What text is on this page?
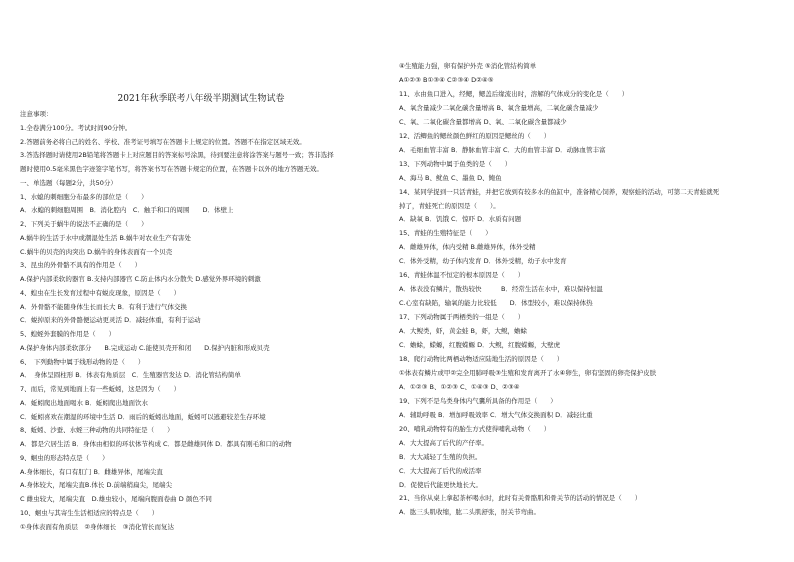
2021年秋季联考八年级半期测试生物试卷
注意事项：
1.全卷满分100分。考试时间90分钟。
2.答题前务必将自己的姓名、学校、准考证号填写在答题卡上规定的位置。答题不在指定区域无效。
3.答选择题时请使用2B铅笔将答题卡上对应题目的答案标号涂黑，待到要注意将涂答案与题号一致；答非选择
题时使用0.5毫米黑色字迹签字笔书写，将答案书写在答题卡规定的位置，在答题卡以外的地方答题无效。
一、单选题（每题2分，共50分）
1、水螅的刺细胞分布最多的部位是（　　）
A．水螅的刺细胞周围　B．消化腔内　C．触手和口的周围　　D．体壁上
2、下列关于蜗牛的说法不正确的是（　　）
A.蜗牛的生活于水中或潮湿处生活 B.蜗牛对农业生产有害处
C.蜗牛的贝壳的肉突出 D.蜗牛的身体表面有一个贝壳
3、昆虫的外骨骼不具有的作用是（　　）
A.保护内部柔软的器官 B.支持内部器官 C.防止体内水分散失 D.感觉外界环境的刺激
4、蝗虫在生长发育过程中有蜕皮现象，原因是（　　）
A．外骨骼不能随身体生长而长大 B．有利于进行气体交换
C．蜕掉原来的外骨骼便运动更灵活 D．减轻体重，有利于运动
5、蝗蛭外套膜的作用是（　　）
A.保护身体内部柔软部分　　B.完成运动 C.能使贝壳开和闭　　D.保护内脏和形成贝壳
6、　下列動物中属于线形动物的是（　　）
A．　身体呈圆柱形 B．体表有角质层　C．生殖器官发达 D．消化管结构简单
7、而后，常见到地面上有一些蚯蚓，这是因为（　　）
A．蚯蚓爬出地面喝水 B．蚯蚓爬出地面饮水
C．蚯蚓喜欢在潮湿的环境中生活 D．雨后的蚯蚓出地面，蚯蚓可以逃避较差生存环境
8、蚯蚓、沙蚕、水蛭三种动物的共同特征是（　　）
A．都是穴居生活 B．身体由相似的环状体节构成 C．都是雌雄同体 D．都具有刚毛和口的动物
9、蛔虫的形态特点是（　　）
A.身体细长，有口有肛门 B．雌雄异体，尾端尖直
A.身体较大，尾端尖直B.体长 D.前端稍扁尖，尾端尖
C 雌虫较大，尾端尖直　D.雄虫较小，尾端向腹面卷曲 D 颜色不同
10、蛔虫与其寄生生活相适应的特点是（　　）
①身体表面有角质层　②身体细长　③消化管长而复达
④生殖能力强，卵有保护外壳 ⑤消化管结构简单
A①②③ B①③④ C②③④ D②④⑤
11、水由鱼口进入，经鳃，鳃盖后缘流出时，溶解的气体成分的变化是（　　）
A、氧含量减少二氧化碳含量增高 B、氧含量增高，二氧化碳含量减少
C、氧、二氧化碳含量都增高 D、氧、二氧化碳含量都减少
12、活鲫鱼的鳃丝颜色鲜红的原因是鳃丝的（　　）
A．毛细血管丰富 B．静脉血管丰富 C．大的血管丰富 D．动脉血管丰富
13、下列动物中属于鱼类的是（　　）
A、海马 B、鱿鱼 C、墨鱼 D、鲍鱼
14、某同学捉到一只活青蛙，并把它放到有较多水的鱼缸中，准备精心饲养，观察蛙的活动，可第二天青蛙就死
掉了，青蛙死亡的原因是（　　）。
A．缺氧 B．饥饿 C．惊吓 D．水质有问题
15、青蛙的生殖特征是（　　）
A．雌雄异体，体内受精 B.雌雄异体，体外受精
C．体外受精，幼子体内发育 D．体外受精，幼子水中发育
16、青蛙体温不恒定的根本原因是（　　）
A．体表没有鳞片，散热较快　　　B．经常生活在水中，难以保持恒温
C.心室有缺陷，输氧的能力比较低　　D．体型较小，难以保持体热
17、下列动物属于两栖类的一组是（　　）
A．大鲵类，虾，黄金蛙 B，虾，大鲵，蟾蜍
C．蟾蜍，蝾螈，红腹蝾螈 D．大鲵，红腹蝾螈，大壁虎
18、爬行动物比两栖动物适应陆地生活的原因是（　　）
①体表有鳞片或甲②完全用肺呼吸③生殖和发育离开了水④卵生，卵有坚固的卵壳保护皮肤
A．①②③ B、①②③ C、①④③ D、②③④
19、下列不是鸟类身体内气囊所具备的作用是（　　）
A．辅助呼吸 B．增加呼吸效率 C．增大气体交换面积 D．减轻比重
20、哺乳动物特有的胎生方式使得哺乳动物（　　）
A．大大提高了后代的产仔率。
B．大大减轻了生殖的负担。
C．大大提高了后代的成活率
D．促使后代能更快地长大。
21、当你从桌上拿起茶杯喝水时，此时有关骨骼肌和骨关节的活动的情况是（　　）
A．肱三头肌收缩，肱二头肌舒张，肘关节弯曲。
